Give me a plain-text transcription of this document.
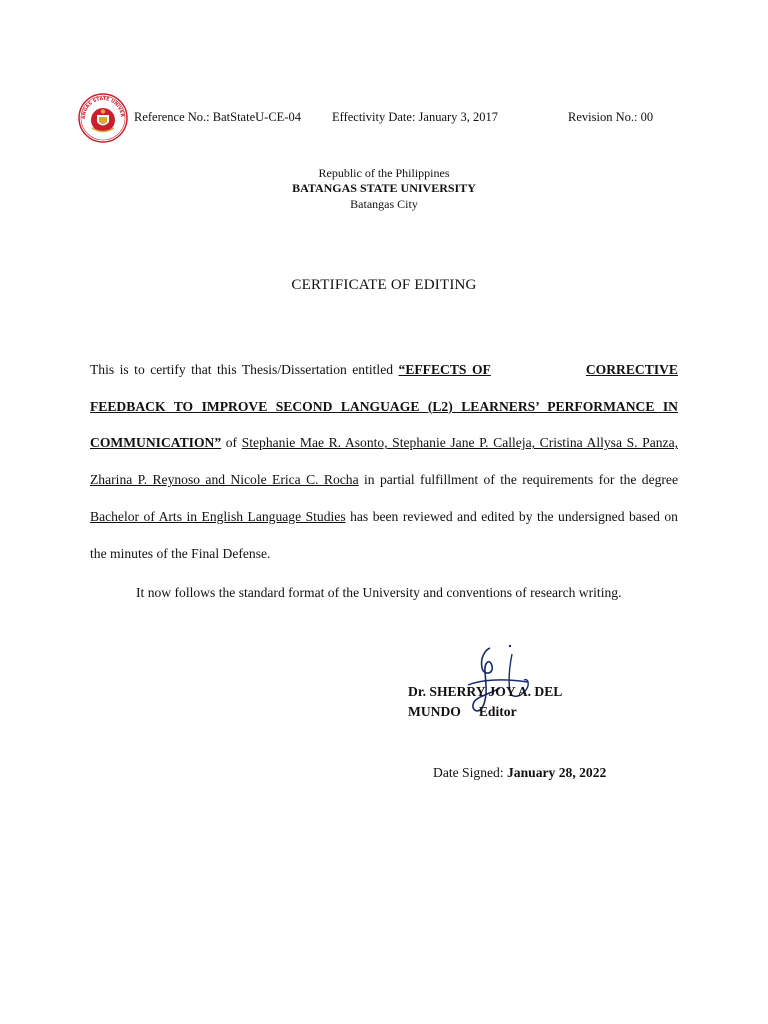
ANGAS STATE UNIVER Reference No.: BatStateU-CE-04 Effectivity Date: January 3, 2017	Revision No.: 00
Republic of the Philippines
BATANGAS STATE UNIVERSITY
Batangas City
CERTIFICATE OF EDITING
This is to certify that this Thesis/Dissertation entitled “EFFECTS OF	CORRECTIVE FEEDBACK TO IMPROVE SECOND LANGUAGE (L2) LEARNERS’ PERFORMANCE IN COMMUNICATION” of Stephanie Mae R. Asonto, Stephanie Jane P. Calleja, Cristina Allysa S. Panza, Zharina P. Reynoso and Nicole Erica C. Rocha in partial fulfillment of the requirements for the degree Bachelor of Arts in English Language Studies has been reviewed and edited by the undersigned based on the minutes of the Final Defense.
It now follows the standard format of the University and conventions of research writing.
Dr. SHERRY JOY A. DEL
MUNDO Editor
Date Signed: January 28, 2022
